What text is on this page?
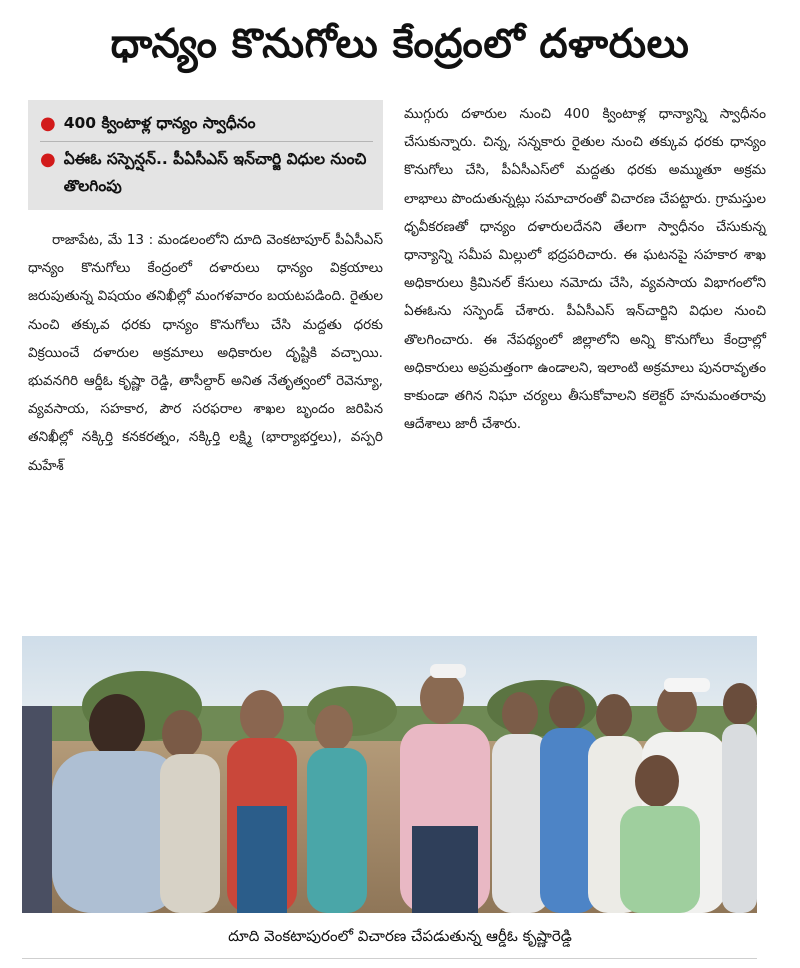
ధాన్యం కొనుగోలు కేంద్రంలో దళారులు
● 400 క్వింటాళ్ల ధాన్యం స్వాధీనం
● ఏఈఓ సస్పెన్షన్.. పీఏసీఎస్ ఇన్‌చార్జి విధుల నుంచి తొలగింపు
రాజాపేట, మే 13 : మండలంలోని దూది వెంకటాపూర్ పీఏసీఎస్ ధాన్యం కొనుగోలు కేంద్రంలో దళారులు ధాన్యం విక్రయాలు జరుపుతున్న విషయం తనిఖీల్లో మంగళవారం బయటపడింది. రైతుల నుంచి తక్కువ ధరకు ధాన్యం కొనుగోలు చేసి మద్దతు ధరకు విక్రయించే దళారుల అక్రమాలు అధికారుల దృష్టికి వచ్చాయి. భువనగిరి ఆర్డీఓ కృష్ణా రెడ్డి, తాసీల్దార్ అనిత నేతృత్వంలో రెవెన్యూ, వ్యవసాయ, సహకార, పౌర సరఫరాల శాఖల బృందం జరిపిన తనిఖీల్లో నక్కిర్తి కనకరత్నం, నక్కిర్తి లక్ష్మి (భార్యాభర్తలు), వస్పరి మహేశ్
ముగ్గురు దళారుల నుంచి 400 క్వింటాళ్ల ధాన్యాన్ని స్వాధీనం చేసుకున్నారు. చిన్న, సన్నకారు రైతుల నుంచి తక్కువ ధరకు ధాన్యం కొనుగోలు చేసి, పీఏసీఎస్‌లో మద్దతు ధరకు అమ్ముతూ అక్రమ లాభాలు పొందుతున్నట్లు సమాచారంతో విచారణ చేపట్టారు. గ్రామస్తుల ధృవీకరణతో ధాన్యం దళారులదేనని తేలగా స్వాధీనం చేసుకున్న ధాన్యాన్ని సమీప మిల్లులో భద్రపరిచారు. ఈ ఘటనపై సహకార శాఖ అధికారులు క్రిమినల్ కేసులు నమోదు చేసి, వ్యవసాయ విభాగంలోని ఏఈఓను సస్పెండ్ చేశారు. పీఏసీఎస్ ఇన్‌చార్జిని విధుల నుంచి తొలగించారు. ఈ నేపథ్యంలో జిల్లాలోని అన్ని కొనుగోలు కేంద్రాల్లో అధికారులు అప్రమత్తంగా ఉండాలని, ఇలాంటి అక్రమాలు పునరావృతం కాకుండా తగిన నిఘా చర్యలు తీసుకోవాలని కలెక్టర్ హనుమంతరావు ఆదేశాలు జారీ చేశారు.
దూది వెంకటాపురంలో విచారణ చేపడుతున్న ఆర్డీఓ కృష్ణారెడ్డి
